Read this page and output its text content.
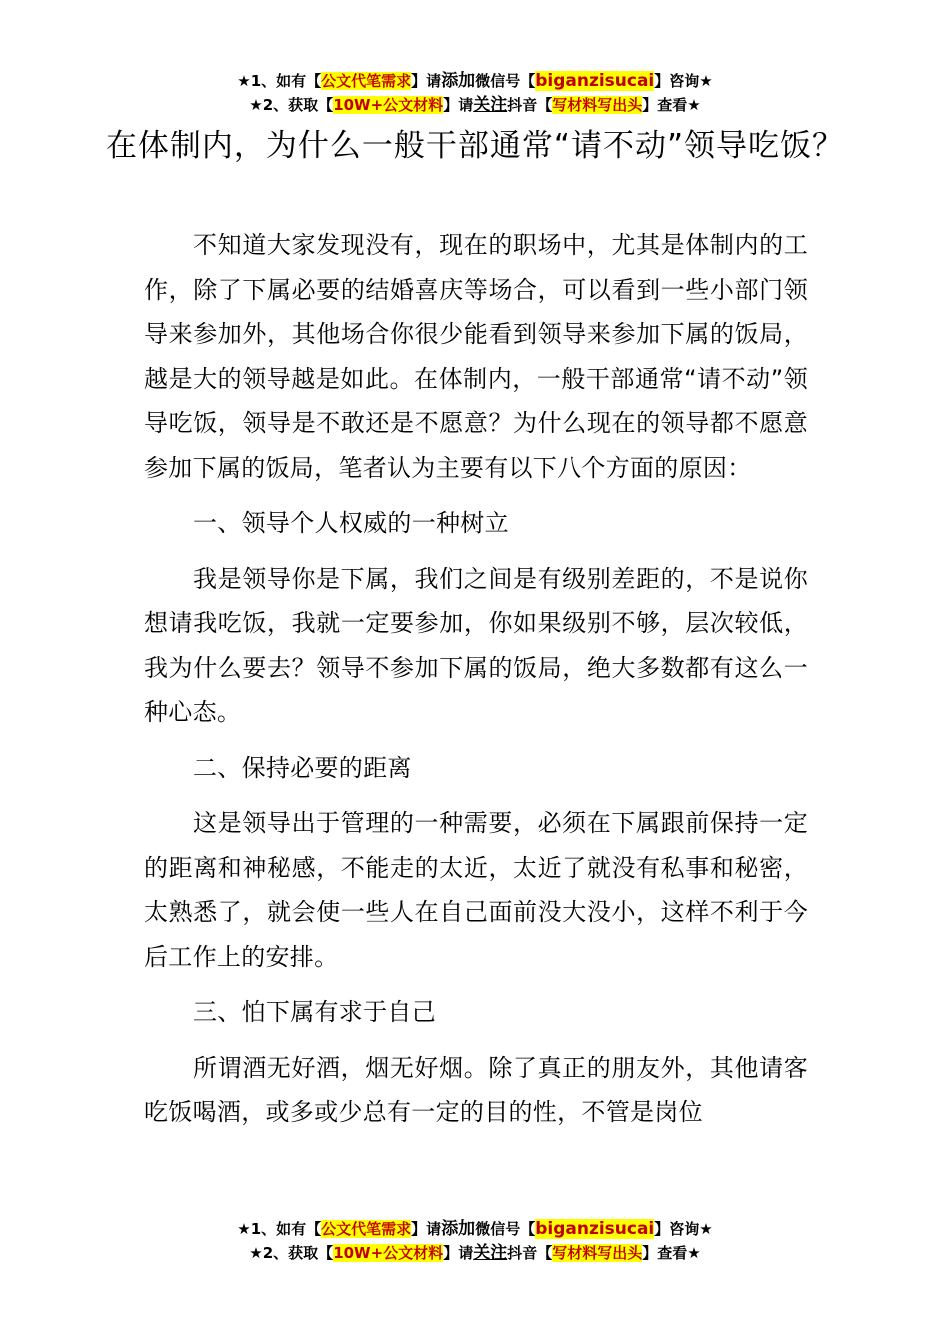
★1、如有【公文代笔需求】请添加微信号【biganzisucai】咨询★
★2、获取【10W+公文材料】请关注抖音【写材料写出头】查看★
在体制内，为什么一般干部通常“请不动”领导吃饭？

不知道大家发现没有，现在的职场中，尤其是体制内的工作，除了下属必要的结婚喜庆等场合，可以看到一些小部门领导来参加外，其他场合你很少能看到领导来参加下属的饭局，越是大的领导越是如此。在体制内，一般干部通常“请不动”领导吃饭，领导是不敢还是不愿意？为什么现在的领导都不愿意参加下属的饭局，笔者认为主要有以下八个方面的原因：

一、领导个人权威的一种树立

我是领导你是下属，我们之间是有级别差距的，不是说你想请我吃饭，我就一定要参加，你如果级别不够，层次较低，我为什么要去？领导不参加下属的饭局，绝大多数都有这么一种心态。

二、保持必要的距离

这是领导出于管理的一种需要，必须在下属跟前保持一定的距离和神秘感，不能走的太近，太近了就没有私事和秘密，太熟悉了，就会使一些人在自己面前没大没小，这样不利于今后工作上的安排。

三、怕下属有求于自己

所谓酒无好酒，烟无好烟。除了真正的朋友外，其他请客吃饭喝酒，或多或少总有一定的目的性，不管是岗位

★1、如有【公文代笔需求】请添加微信号【biganzisucai】咨询★
★2、获取【10W+公文材料】请关注抖音【写材料写出头】查看★
